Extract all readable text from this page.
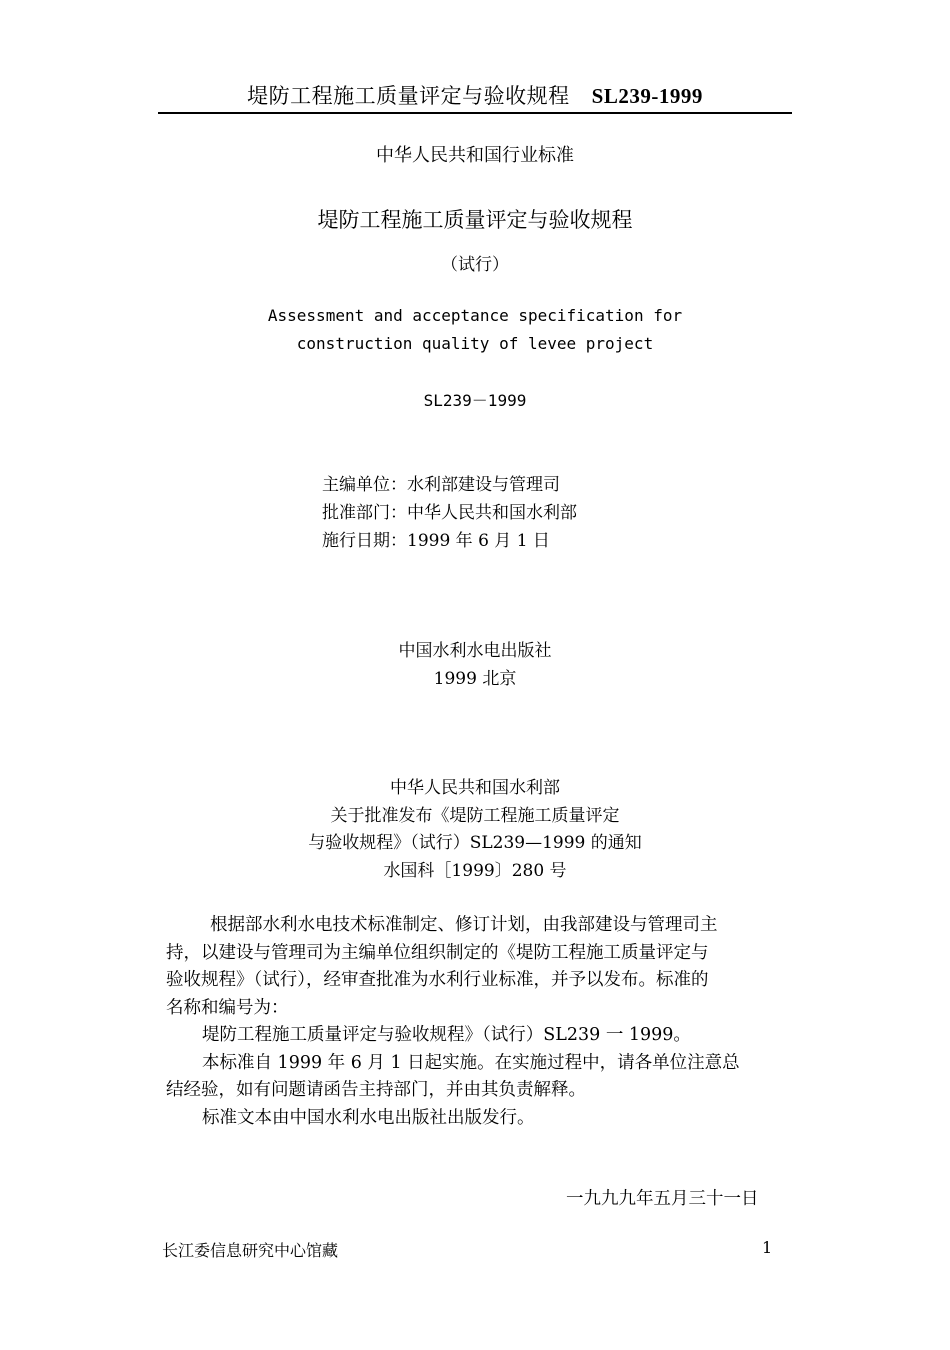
堤防工程施工质量评定与验收规程 SL239-1999
中华人民共和国行业标准
堤防工程施工质量评定与验收规程
（试行）
Assessment and acceptance specification for
construction quality of levee project
SL239－1999
主编单位：水利部建设与管理司
批准部门：中华人民共和国水利部
施行日期：1999 年 6 月 1 日
中国水利水电出版社
1999 北京
中华人民共和国水利部
关于批准发布《堤防工程施工质量评定
与验收规程》（试行）SL239—1999 的通知
水国科［1999〕280 号
根据部水利水电技术标准制定、修订计划，由我部建设与管理司主
持，以建设与管理司为主编单位组织制定的《堤防工程施工质量评定与
验收规程》（试行），经审查批准为水利行业标准，并予以发布。标准的
名称和编号为：
堤防工程施工质量评定与验收规程》（试行）SL239 一 1999。
本标准自 1999 年 6 月 1 日起实施。在实施过程中，请各单位注意总
结经验，如有问题请函告主持部门，并由其负责解释。
标准文本由中国水利水电出版社出版发行。
一九九九年五月三十一日
长江委信息研究中心馆藏	1
